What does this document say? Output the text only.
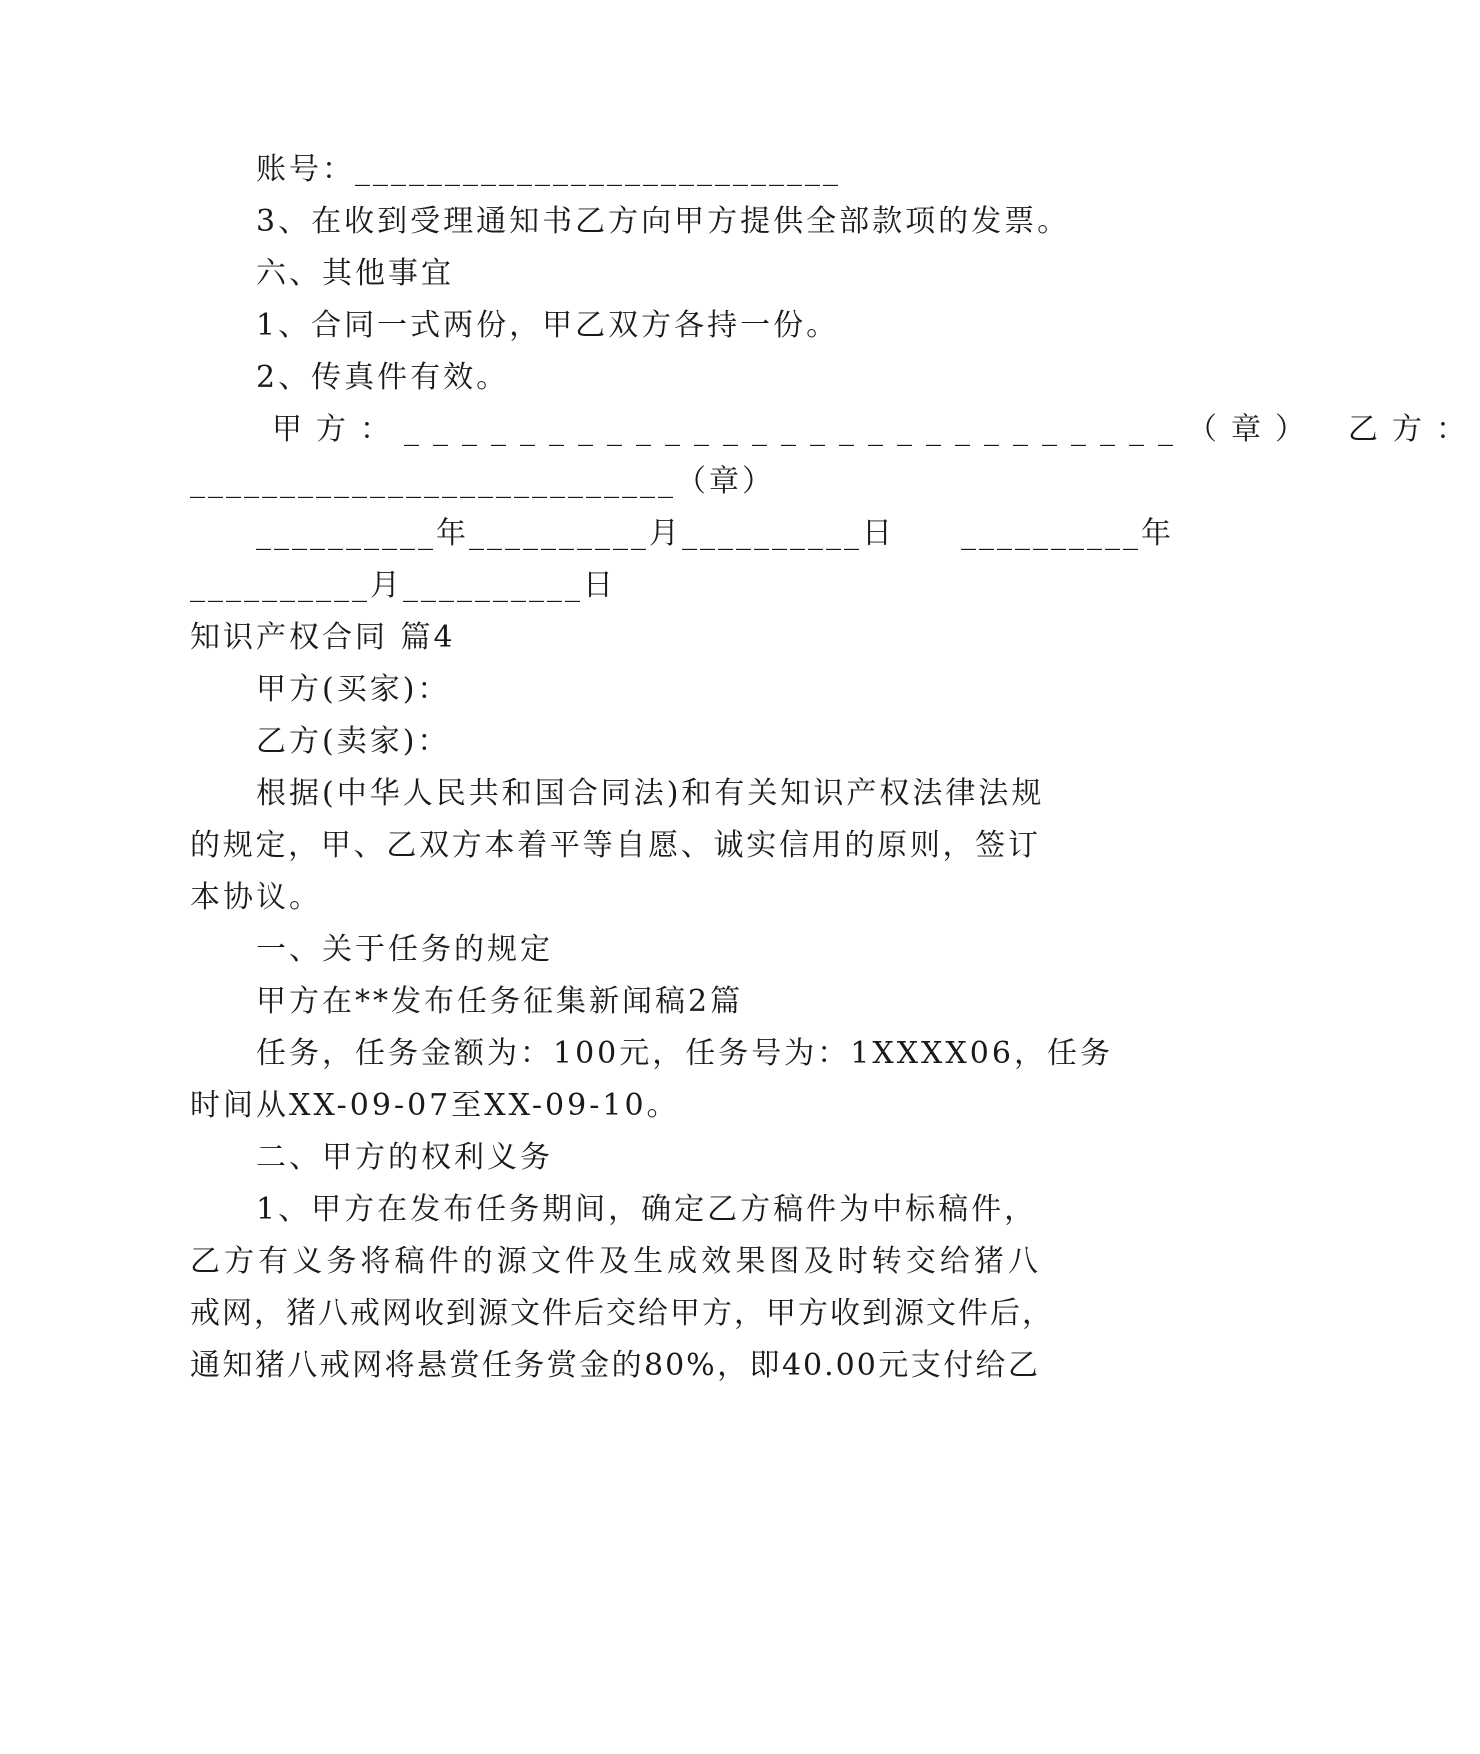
账号：___________________________
3、在收到受理通知书乙方向甲方提供全部款项的发票。
六、其他事宜
1、合同一式两份，甲乙双方各持一份。
2、传真件有效。
甲方：___________________________（章）　乙方：
___________________________（章）
__________年__________月__________日　　__________年
__________月__________日
知识产权合同 篇4
甲方(买家)：
乙方(卖家)：
根据(中华人民共和国合同法)和有关知识产权法律法规
的规定，甲、乙双方本着平等自愿、诚实信用的原则，签订
本协议。
一、关于任务的规定
甲方在**发布任务征集新闻稿2篇
任务，任务金额为：100元，任务号为：1XXXX06，任务
时间从XX-09-07至XX-09-10。
二、甲方的权利义务
1、甲方在发布任务期间，确定乙方稿件为中标稿件，
乙方有义务将稿件的源文件及生成效果图及时转交给猪八
戒网，猪八戒网收到源文件后交给甲方，甲方收到源文件后，
通知猪八戒网将悬赏任务赏金的80%，即40.00元支付给乙
